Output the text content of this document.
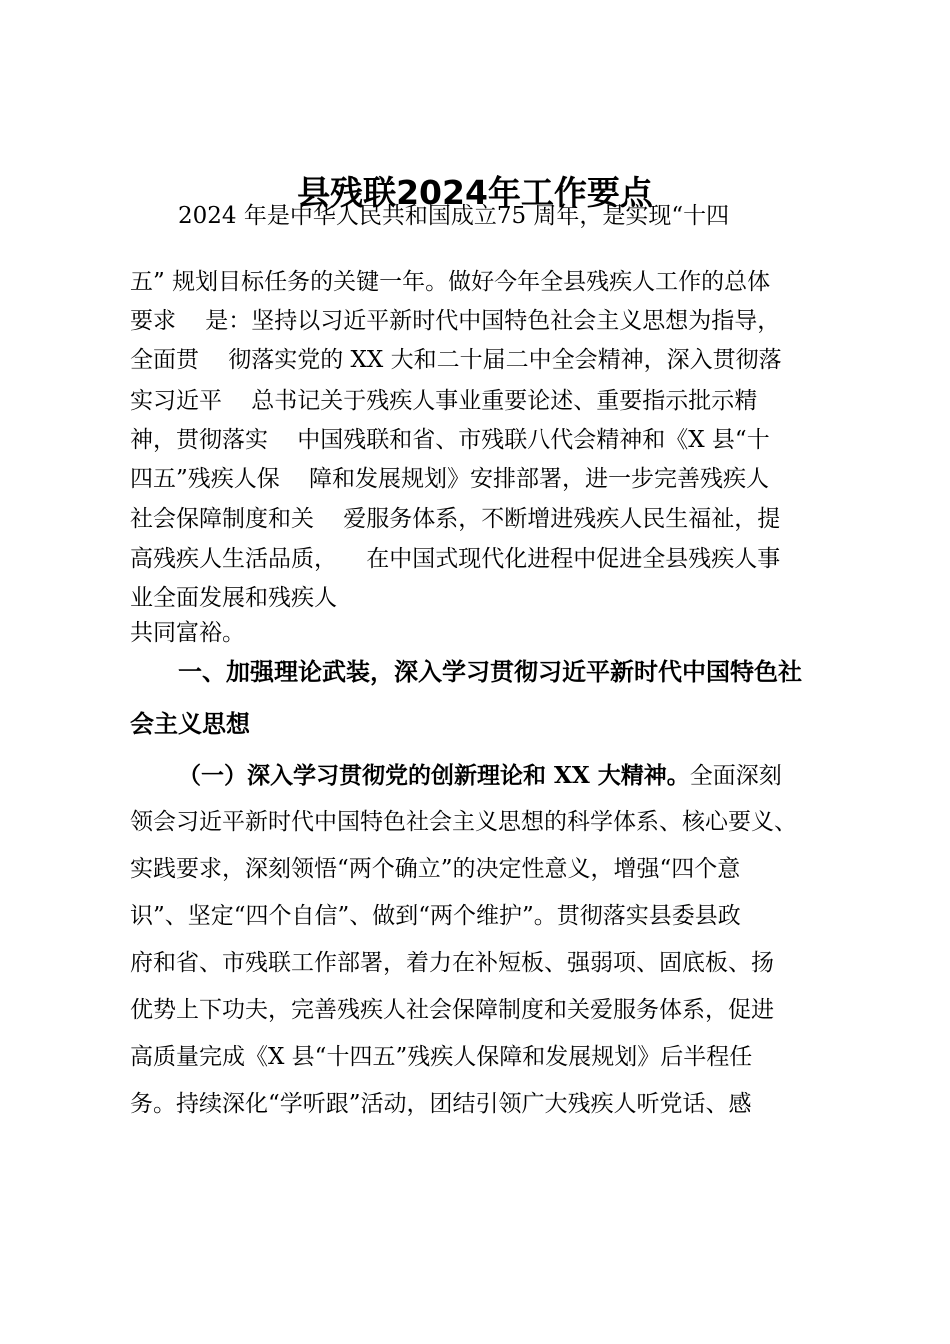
县残联2024年工作要点

2024 年是中华人民共和国成立75 周年，是实现“十四

五” 规划目标任务的关键一年。做好今年全县残疾人工作的总体

要求    是：坚持以习近平新时代中国特色社会主义思想为指导，

全面贯    彻落实党的 XX 大和二十届二中全会精神，深入贯彻落

实习近平    总书记关于残疾人事业重要论述、重要指示批示精

神，贯彻落实    中国残联和省、市残联八代会精神和《X 县“十

四五”残疾人保    障和发展规划》安排部署，进一步完善残疾人

社会保障制度和关    爱服务体系，不断增进残疾人民生福祉，提

高残疾人生活品质，    在中国式现代化进程中促进全县残疾人事

业全面发展和残疾人

共同富裕。

一、加强理论武装，深入学习贯彻习近平新时代中国特色社

会主义思想

（一）深入学习贯彻党的创新理论和 XX 大精神。全面深刻

领会习近平新时代中国特色社会主义思想的科学体系、核心要义、

实践要求，深刻领悟“两个确立”的决定性意义，增强“四个意

识”、坚定“四个自信”、做到“两个维护”。贯彻落实县委县政

府和省、市残联工作部署，着力在补短板、强弱项、固底板、扬

优势上下功夫，完善残疾人社会保障制度和关爱服务体系，促进

高质量完成《X 县“十四五”残疾人保障和发展规划》后半程任

务。持续深化“学听跟”活动，团结引领广大残疾人听党话、感
